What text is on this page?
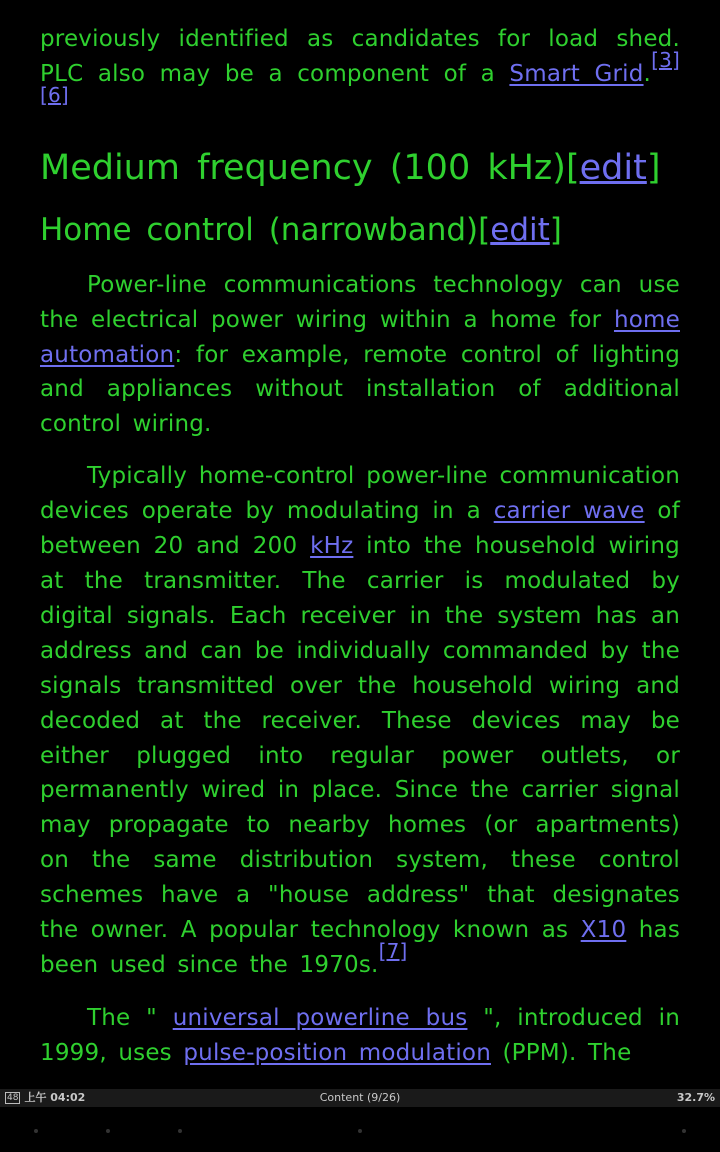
previously identified as candidates for load shed. PLC also may be a component of a Smart Grid.[3][6]

Medium frequency (100 kHz)[edit]
Home control (narrowband)[edit]

Power-line communications technology can use the electrical power wiring within a home for home automation: for example, remote control of lighting and appliances without installation of additional control wiring.

Typically home-control power-line communication devices operate by modulating in a carrier wave of between 20 and 200 kHz into the household wiring at the transmitter. The carrier is modulated by digital signals. Each receiver in the system has an address and can be individually commanded by the signals transmitted over the household wiring and decoded at the receiver. These devices may be either plugged into regular power outlets, or permanently wired in place. Since the carrier signal may propagate to nearby homes (or apartments) on the same distribution system, these control schemes have a "house address" that designates the owner. A popular technology known as X10 has been used since the 1970s.[7]

The " universal powerline bus ", introduced in 1999, uses pulse-position modulation (PPM). The

48 上午 04:02	Content (9/26)	32.7%
